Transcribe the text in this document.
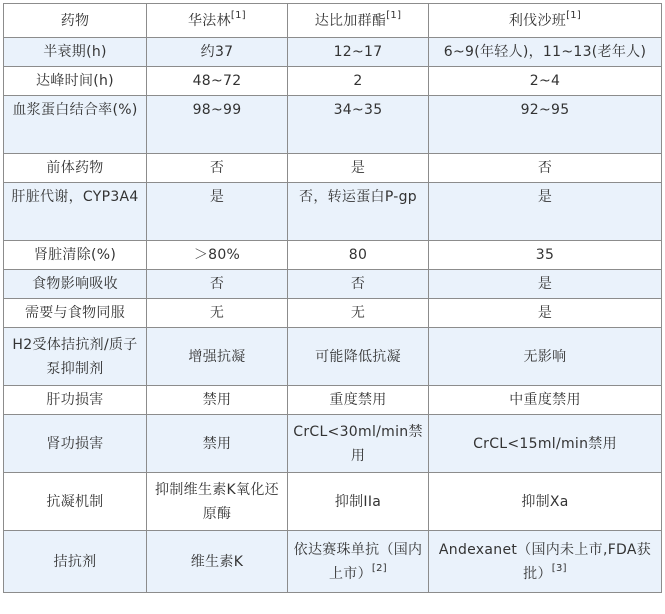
药物	华法林[1]	达比加群酯[1]	利伐沙班[1]
半衰期(h)	约37	12~17	6~9(年轻人)，11~13(老年人)
达峰时间(h)	48~72	2	2~4
血浆蛋白结合率(%)	98~99	34~35	92~95
前体药物	否	是	否
肝脏代谢，CYP3A4	是	否，转运蛋白P-gp	是
肾脏清除(%)	＞80%	80	35
食物影响吸收	否	否	是
需要与食物同服	无	无	是
H2受体拮抗剂/质子泵抑制剂	增强抗凝	可能降低抗凝	无影响
肝功损害	禁用	重度禁用	中重度禁用
肾功损害	禁用	CrCL<30ml/min禁用	CrCL<15ml/min禁用
抗凝机制	抑制维生素K氧化还原酶	抑制IIa	抑制Xa
拮抗剂	维生素K	依达赛珠单抗（国内上市）[2]	Andexanet（国内未上市,FDA获批）[3]
